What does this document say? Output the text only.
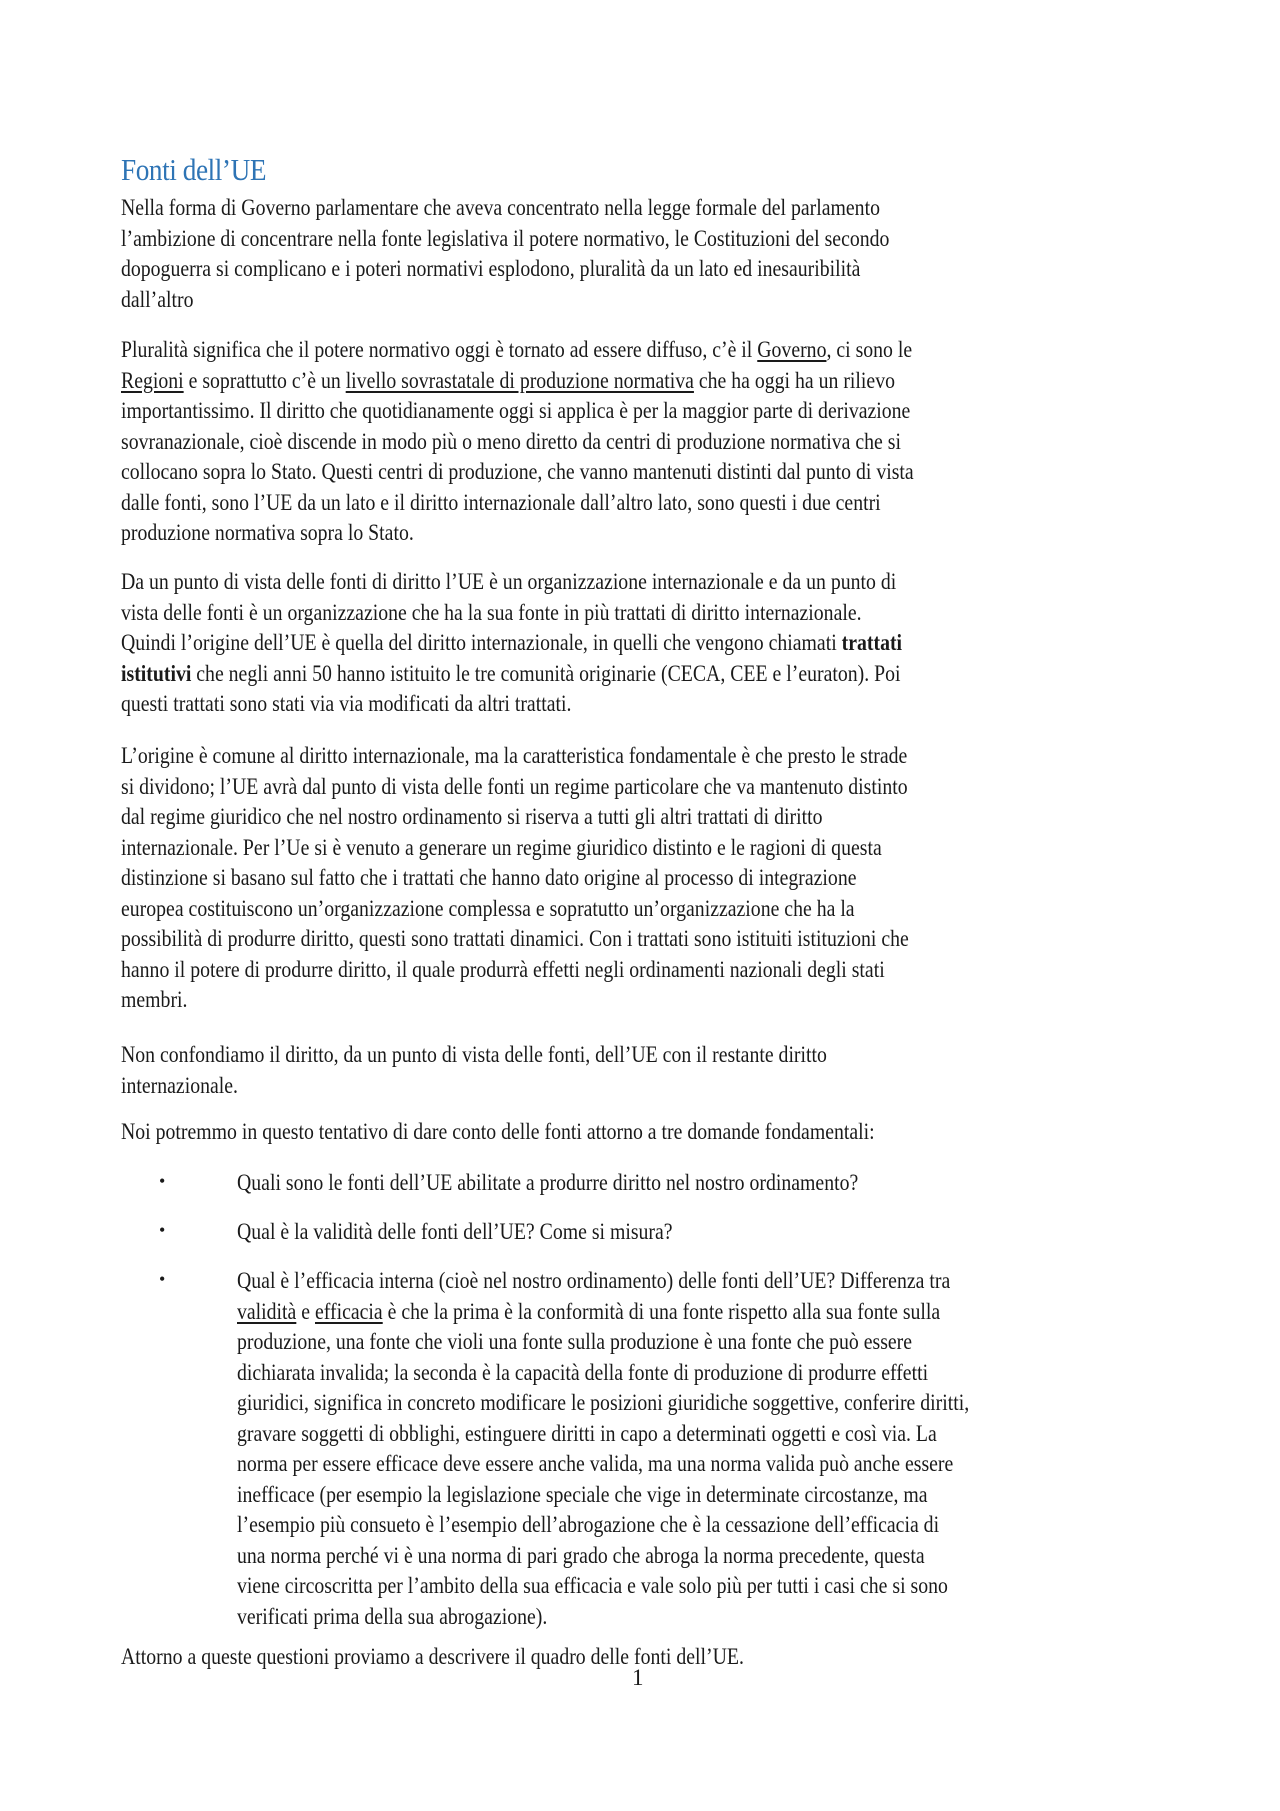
Fonti dell’UE
Nella forma di Governo parlamentare che aveva concentrato nella legge formale del parlamento
l’ambizione di concentrare nella fonte legislativa il potere normativo, le Costituzioni del secondo
dopoguerra si complicano e i poteri normativi esplodono, pluralità da un lato ed inesauribilità
dall’altro
Pluralità significa che il potere normativo oggi è tornato ad essere diffuso, c’è il Governo, ci sono le
Regioni e soprattutto c’è un livello sovrastatale di produzione normativa che ha oggi ha un rilievo
importantissimo. Il diritto che quotidianamente oggi si applica è per la maggior parte di derivazione
sovranazionale, cioè discende in modo più o meno diretto da centri di produzione normativa che si
collocano sopra lo Stato. Questi centri di produzione, che vanno mantenuti distinti dal punto di vista
dalle fonti, sono l’UE da un lato e il diritto internazionale dall’altro lato, sono questi i due centri
produzione normativa sopra lo Stato.
Da un punto di vista delle fonti di diritto l’UE è un organizzazione internazionale e da un punto di
vista delle fonti è un organizzazione che ha la sua fonte in più trattati di diritto internazionale.
Quindi l’origine dell’UE è quella del diritto internazionale, in quelli che vengono chiamati trattati
istitutivi che negli anni 50 hanno istituito le tre comunità originarie (CECA, CEE e l’euraton). Poi
questi trattati sono stati via via modificati da altri trattati.
L’origine è comune al diritto internazionale, ma la caratteristica fondamentale è che presto le strade
si dividono; l’UE avrà dal punto di vista delle fonti un regime particolare che va mantenuto distinto
dal regime giuridico che nel nostro ordinamento si riserva a tutti gli altri trattati di diritto
internazionale. Per l’Ue si è venuto a generare un regime giuridico distinto e le ragioni di questa
distinzione si basano sul fatto che i trattati che hanno dato origine al processo di integrazione
europea costituiscono un’organizzazione complessa e sopratutto un’organizzazione che ha la
possibilità di produrre diritto, questi sono trattati dinamici. Con i trattati sono istituiti istituzioni che
hanno il potere di produrre diritto, il quale produrrà effetti negli ordinamenti nazionali degli stati
membri.
Non confondiamo il diritto, da un punto di vista delle fonti, dell’UE con il restante diritto
internazionale.
Noi potremmo in questo tentativo di dare conto delle fonti attorno a tre domande fondamentali:
•	Quali sono le fonti dell’UE abilitate a produrre diritto nel nostro ordinamento?
•	Qual è la validità delle fonti dell’UE? Come si misura?
•	Qual è l’efficacia interna (cioè nel nostro ordinamento) delle fonti dell’UE? Differenza tra
validità e efficacia è che la prima è la conformità di una fonte rispetto alla sua fonte sulla
produzione, una fonte che violi una fonte sulla produzione è una fonte che può essere
dichiarata invalida; la seconda è la capacità della fonte di produzione di produrre effetti
giuridici, significa in concreto modificare le posizioni giuridiche soggettive, conferire diritti,
gravare soggetti di obblighi, estinguere diritti in capo a determinati oggetti e così via. La
norma per essere efficace deve essere anche valida, ma una norma valida può anche essere
inefficace (per esempio la legislazione speciale che vige in determinate circostanze, ma
l’esempio più consueto è l’esempio dell’abrogazione che è la cessazione dell’efficacia di
una norma perché vi è una norma di pari grado che abroga la norma precedente, questa
viene circoscritta per l’ambito della sua efficacia e vale solo più per tutti i casi che si sono
verificati prima della sua abrogazione).
Attorno a queste questioni proviamo a descrivere il quadro delle fonti dell’UE.
1
